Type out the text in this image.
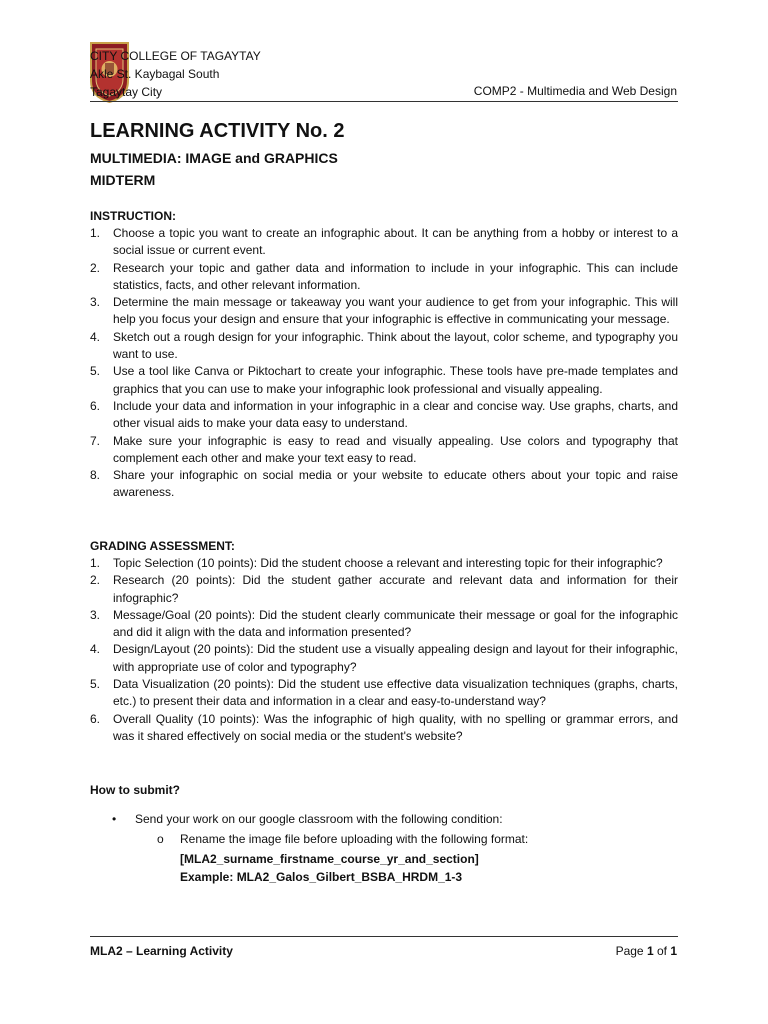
CITY COLLEGE OF TAGAYTAY
Akle St. Kaybagal South
Tagaytay City	COMP2 - Multimedia and Web Design
LEARNING ACTIVITY No. 2
MULTIMEDIA: IMAGE and GRAPHICS
MIDTERM
INSTRUCTION:
1. Choose a topic you want to create an infographic about. It can be anything from a hobby or interest to a social issue or current event.
2. Research your topic and gather data and information to include in your infographic. This can include statistics, facts, and other relevant information.
3. Determine the main message or takeaway you want your audience to get from your infographic. This will help you focus your design and ensure that your infographic is effective in communicating your message.
4. Sketch out a rough design for your infographic. Think about the layout, color scheme, and typography you want to use.
5. Use a tool like Canva or Piktochart to create your infographic. These tools have pre-made templates and graphics that you can use to make your infographic look professional and visually appealing.
6. Include your data and information in your infographic in a clear and concise way. Use graphs, charts, and other visual aids to make your data easy to understand.
7. Make sure your infographic is easy to read and visually appealing. Use colors and typography that complement each other and make your text easy to read.
8. Share your infographic on social media or your website to educate others about your topic and raise awareness.
GRADING ASSESSMENT:
1. Topic Selection (10 points): Did the student choose a relevant and interesting topic for their infographic?
2. Research (20 points): Did the student gather accurate and relevant data and information for their infographic?
3. Message/Goal (20 points): Did the student clearly communicate their message or goal for the infographic and did it align with the data and information presented?
4. Design/Layout (20 points): Did the student use a visually appealing design and layout for their infographic, with appropriate use of color and typography?
5. Data Visualization (20 points): Did the student use effective data visualization techniques (graphs, charts, etc.) to present their data and information in a clear and easy-to-understand way?
6. Overall Quality (10 points): Was the infographic of high quality, with no spelling or grammar errors, and was it shared effectively on social media or the student's website?
How to submit?
• Send your work on our google classroom with the following condition:
o Rename the image file before uploading with the following format:
[MLA2_surname_firstname_course_yr_and_section]
Example: MLA2_Galos_Gilbert_BSBA_HRDM_1-3
MLA2 – Learning Activity	Page 1 of 1
